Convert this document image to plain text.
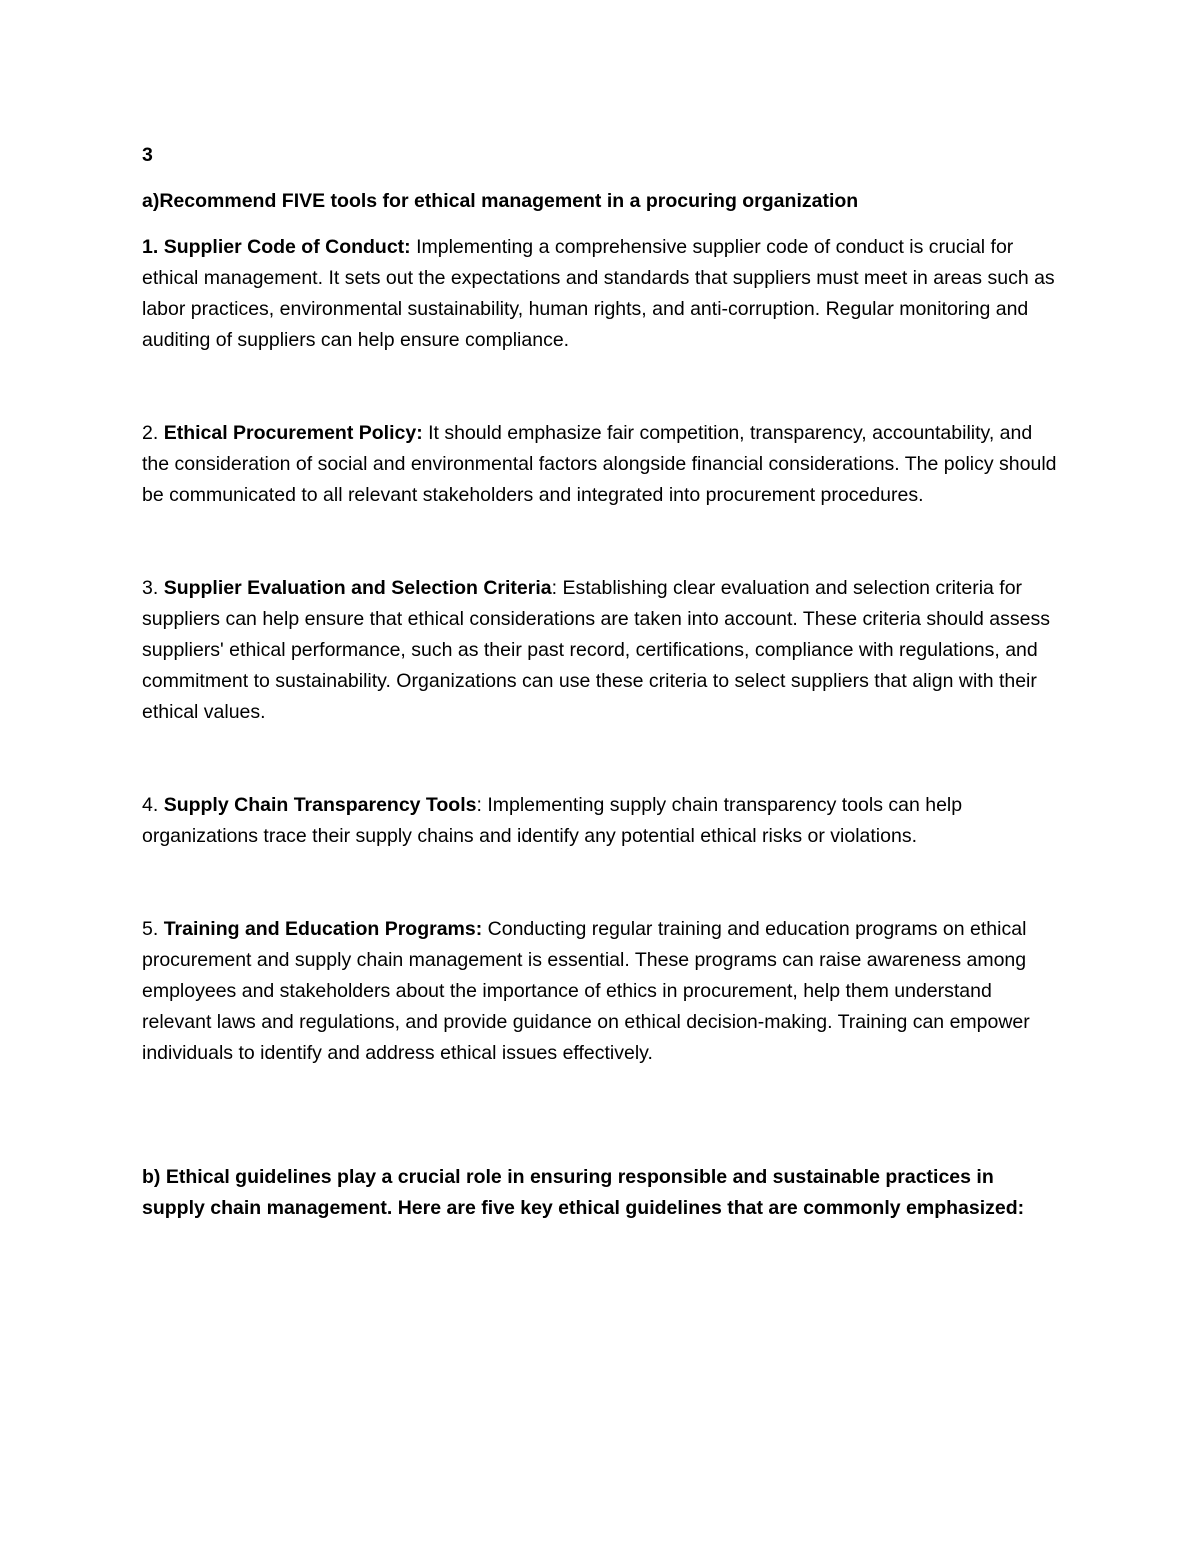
3

a)Recommend FIVE tools for ethical management in a procuring organization

1. Supplier Code of Conduct: Implementing a comprehensive supplier code of conduct is crucial for ethical management. It sets out the expectations and standards that suppliers must meet in areas such as labor practices, environmental sustainability, human rights, and anti-corruption. Regular monitoring and auditing of suppliers can help ensure compliance.

2. Ethical Procurement Policy: It should emphasize fair competition, transparency, accountability, and the consideration of social and environmental factors alongside financial considerations. The policy should be communicated to all relevant stakeholders and integrated into procurement procedures.

3. Supplier Evaluation and Selection Criteria: Establishing clear evaluation and selection criteria for suppliers can help ensure that ethical considerations are taken into account. These criteria should assess suppliers' ethical performance, such as their past record, certifications, compliance with regulations, and commitment to sustainability. Organizations can use these criteria to select suppliers that align with their ethical values.

4. Supply Chain Transparency Tools: Implementing supply chain transparency tools can help organizations trace their supply chains and identify any potential ethical risks or violations.

5. Training and Education Programs: Conducting regular training and education programs on ethical procurement and supply chain management is essential. These programs can raise awareness among employees and stakeholders about the importance of ethics in procurement, help them understand relevant laws and regulations, and provide guidance on ethical decision-making. Training can empower individuals to identify and address ethical issues effectively.

b) Ethical guidelines play a crucial role in ensuring responsible and sustainable practices in supply chain management. Here are five key ethical guidelines that are commonly emphasized:
